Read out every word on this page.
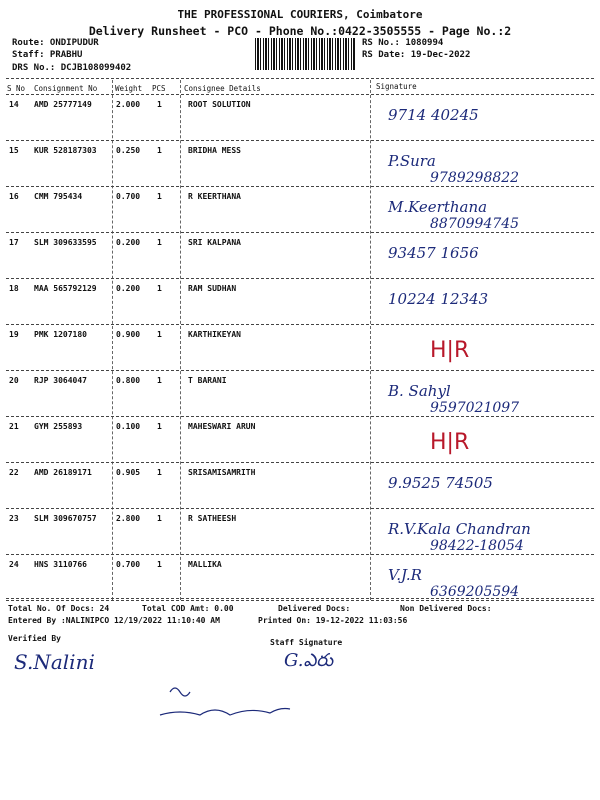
THE PROFESSIONAL COURIERS, Coimbatore
Delivery Runsheet - PCO - Phone No.:0422-3505555 - Page No.:2
Route: ONDIPUDUR
Staff: PRABHU
DRS No.: DCJB108099402
RS No.: 1080994
RS Date: 19-Dec-2022
S No Consignment No Weight PCS Consignee Details	Signature
14 AMD 25777149	2.000 1	ROOT SOLUTION
9714 40245
15 KUR 528187303 0.250 1	BRIDHA MESS
P.Sura
9789298822
16 CMM 795434	0.700 1	R KEERTHANA
M.Keerthana
8870994745
17 SLM 309633595 0.200 1	SRI KALPANA
93457 1656
18 MAA 565792129 0.200 1	RAM SUDHAN
10224 12343
19 PMK 1207180	0.900 1	KARTHIKEYAN
H|R
20 RJP 3064047	0.800 1	T BARANI
B. Sahyl
9597021097
21 GYM 255893	0.100 1	MAHESWARI ARUN
H|R
22 AMD 26189171	0.905 1	SRISAMISAMRITH
9.9525 74505
23 SLM 309670757 2.800 1	R SATHEESH
R.V.Kala Chandran
98422-18054
24 HNS 3110766	0.700 1	MALLIKA
V.J.R
6369205594
Total No. Of Docs: 24	Total COD Amt: 0.00	Delivered Docs:	Non Delivered Docs:
Entered By :NALINIPCO 12/19/2022 11:10:40 AM	Printed On: 19-12-2022 11:03:56
Verified By	Staff Signature
S.Nalini	G.ఎరు
